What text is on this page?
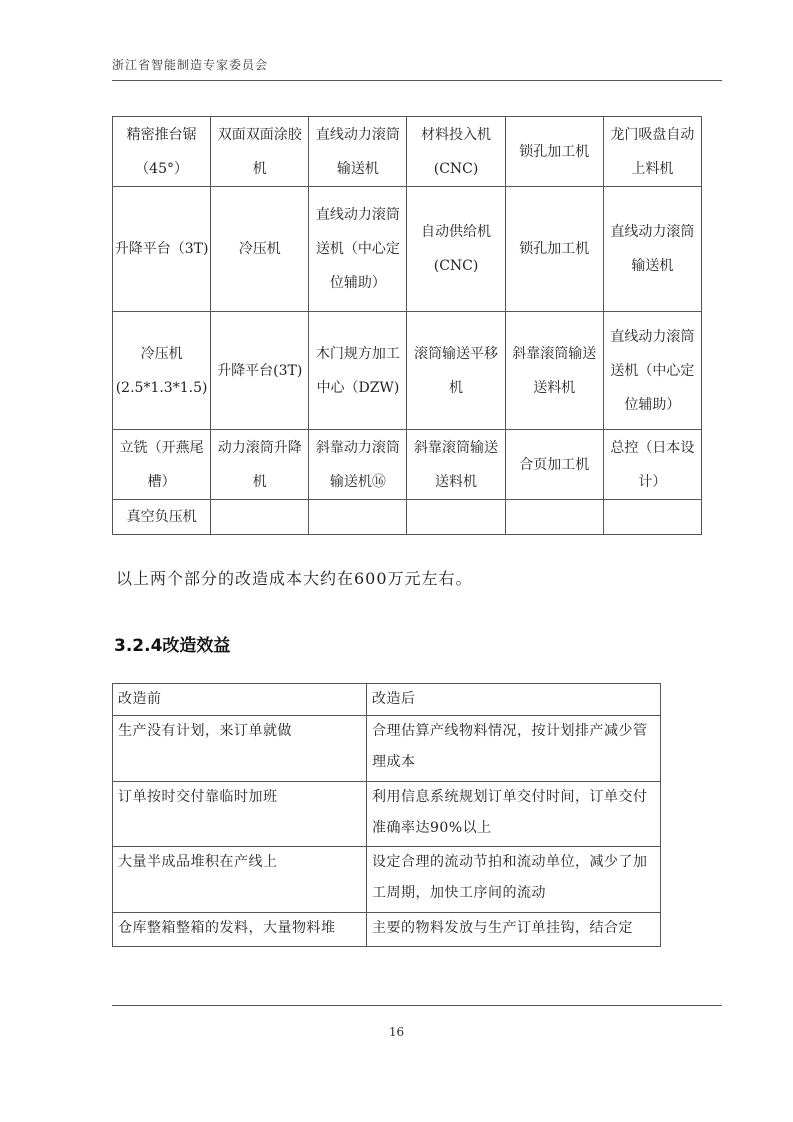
浙江省智能制造专家委员会
精密推台锯（45°）	双面双面涂胶机	直线动力滚筒输送机	材料投入机(CNC)	锁孔加工机	龙门吸盘自动上料机
升降平台（3T)	冷压机	直线动力滚筒送机（中心定位辅助）	自动供给机(CNC)	锁孔加工机	直线动力滚筒输送机
冷压机(2.5*1.3*1.5)	升降平台(3T)	木门规方加工中心（DZW)	滚筒输送平移机	斜靠滚筒输送送料机	直线动力滚筒送机（中心定位辅助）
立铣（开燕尾槽）	动力滚筒升降机	斜靠动力滚筒输送机⑯	斜靠滚筒输送送料机	合页加工机	总控（日本设计）
真空负压机					
以上两个部分的改造成本大约在600万元左右。
3.2.4改造效益
改造前	改造后
生产没有计划，来订单就做	合理估算产线物料情况，按计划排产减少管理成本
订单按时交付靠临时加班	利用信息系统规划订单交付时间，订单交付准确率达90%以上
大量半成品堆积在产线上	设定合理的流动节拍和流动单位，减少了加工周期，加快工序间的流动
仓库整箱整箱的发料，大量物料堆	主要的物料发放与生产订单挂钩，结合定
16
